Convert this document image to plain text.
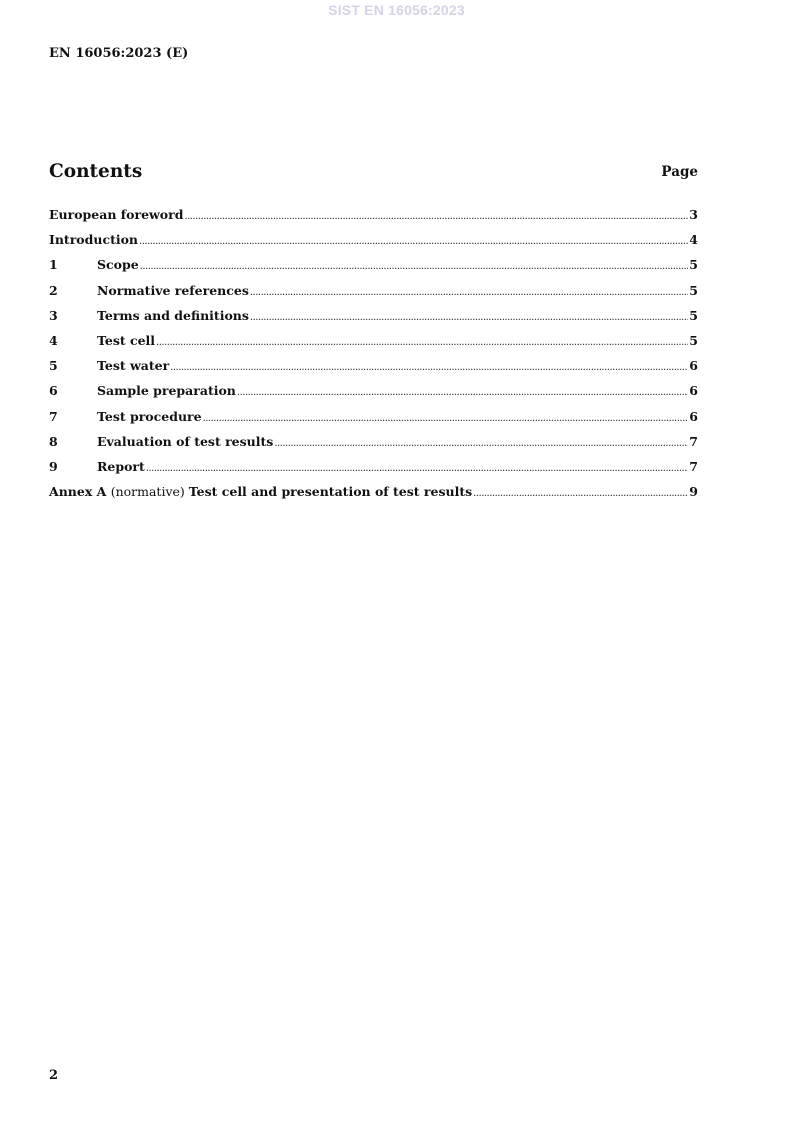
SIST EN 16056:2023
EN 16056:2023 (E)
Contents	Page
European foreword .....	3
Introduction .....	4
1	Scope .....	5
2	Normative references .....	5
3	Terms and definitions .....	5
4	Test cell .....	5
5	Test water .....	6
6	Sample preparation .....	6
7	Test procedure .....	6
8	Evaluation of test results .....	7
9	Report .....	7
Annex A (normative) Test cell and presentation of test results .....	9
2
